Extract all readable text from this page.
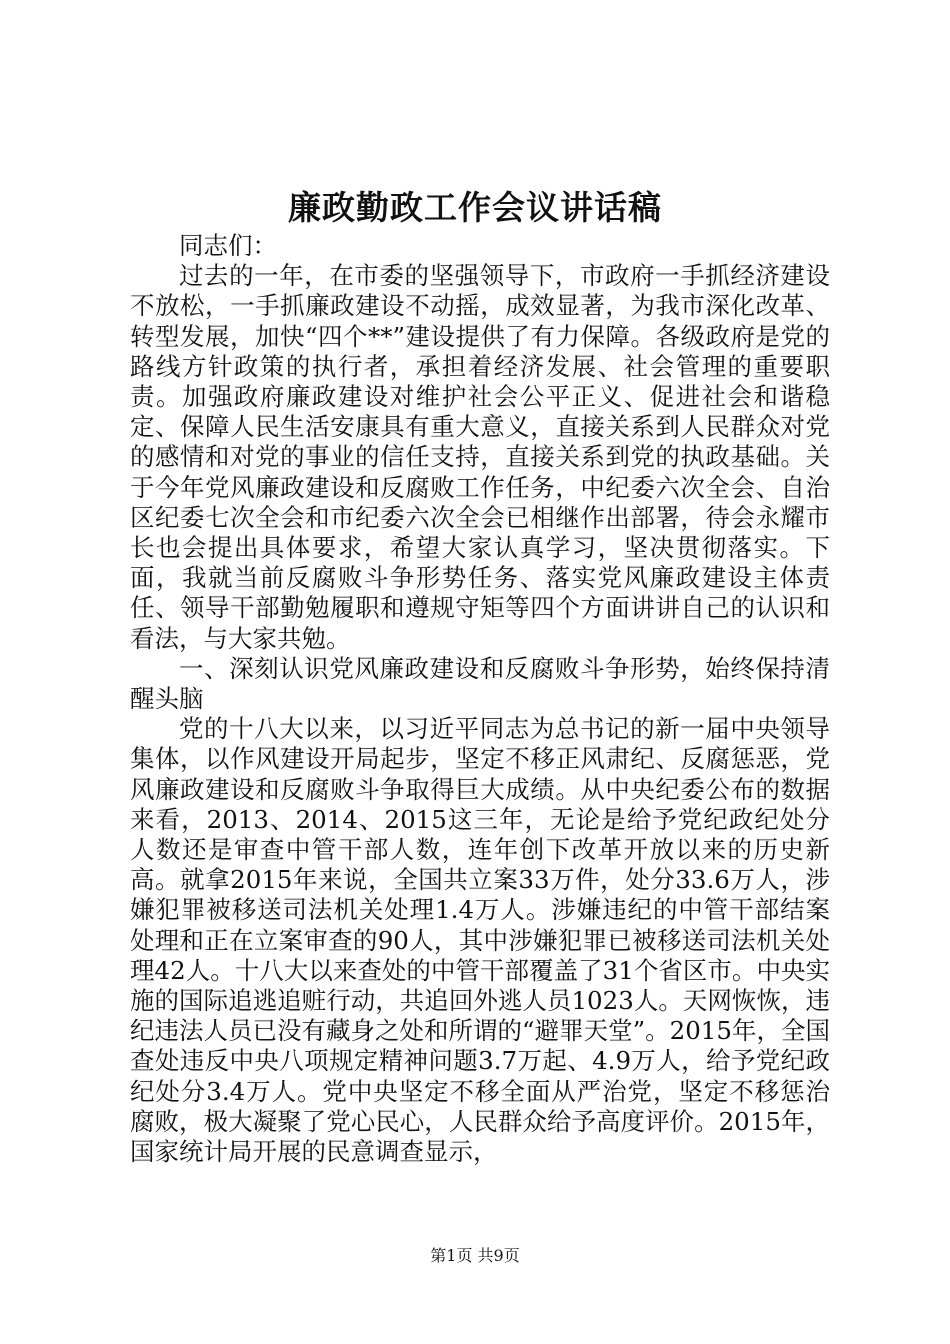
廉政勤政工作会议讲话稿

同志们：

过去的一年，在市委的坚强领导下，市政府一手抓经济建设不放松，一手抓廉政建设不动摇，成效显著，为我市深化改革、转型发展，加快“四个**”建设提供了有力保障。各级政府是党的路线方针政策的执行者，承担着经济发展、社会管理的重要职责。加强政府廉政建设对维护社会公平正义、促进社会和谐稳定、保障人民生活安康具有重大意义，直接关系到人民群众对党的感情和对党的事业的信任支持，直接关系到党的执政基础。关于今年党风廉政建设和反腐败工作任务，中纪委六次全会、自治区纪委七次全会和市纪委六次全会已相继作出部署，待会永耀市长也会提出具体要求，希望大家认真学习，坚决贯彻落实。下面，我就当前反腐败斗争形势任务、落实党风廉政建设主体责任、领导干部勤勉履职和遵规守矩等四个方面讲讲自己的认识和看法，与大家共勉。

一、深刻认识党风廉政建设和反腐败斗争形势，始终保持清醒头脑

党的十八大以来，以习近平同志为总书记的新一届中央领导集体，以作风建设开局起步，坚定不移正风肃纪、反腐惩恶，党风廉政建设和反腐败斗争取得巨大成绩。从中央纪委公布的数据来看，2013、2014、2015这三年，无论是给予党纪政纪处分人数还是审查中管干部人数，连年创下改革开放以来的历史新高。就拿2015年来说，全国共立案33万件，处分33.6万人，涉嫌犯罪被移送司法机关处理1.4万人。涉嫌违纪的中管干部结案处理和正在立案审查的90人，其中涉嫌犯罪已被移送司法机关处理42人。十八大以来查处的中管干部覆盖了31个省区市。中央实施的国际追逃追赃行动，共追回外逃人员1023人。天网恢恢，违纪违法人员已没有藏身之处和所谓的“避罪天堂”。2015年，全国查处违反中央八项规定精神问题3.7万起、4.9万人，给予党纪政纪处分3.4万人。党中央坚定不移全面从严治党，坚定不移惩治腐败，极大凝聚了党心民心，人民群众给予高度评价。2015年，国家统计局开展的民意调查显示，

第1页 共9页
